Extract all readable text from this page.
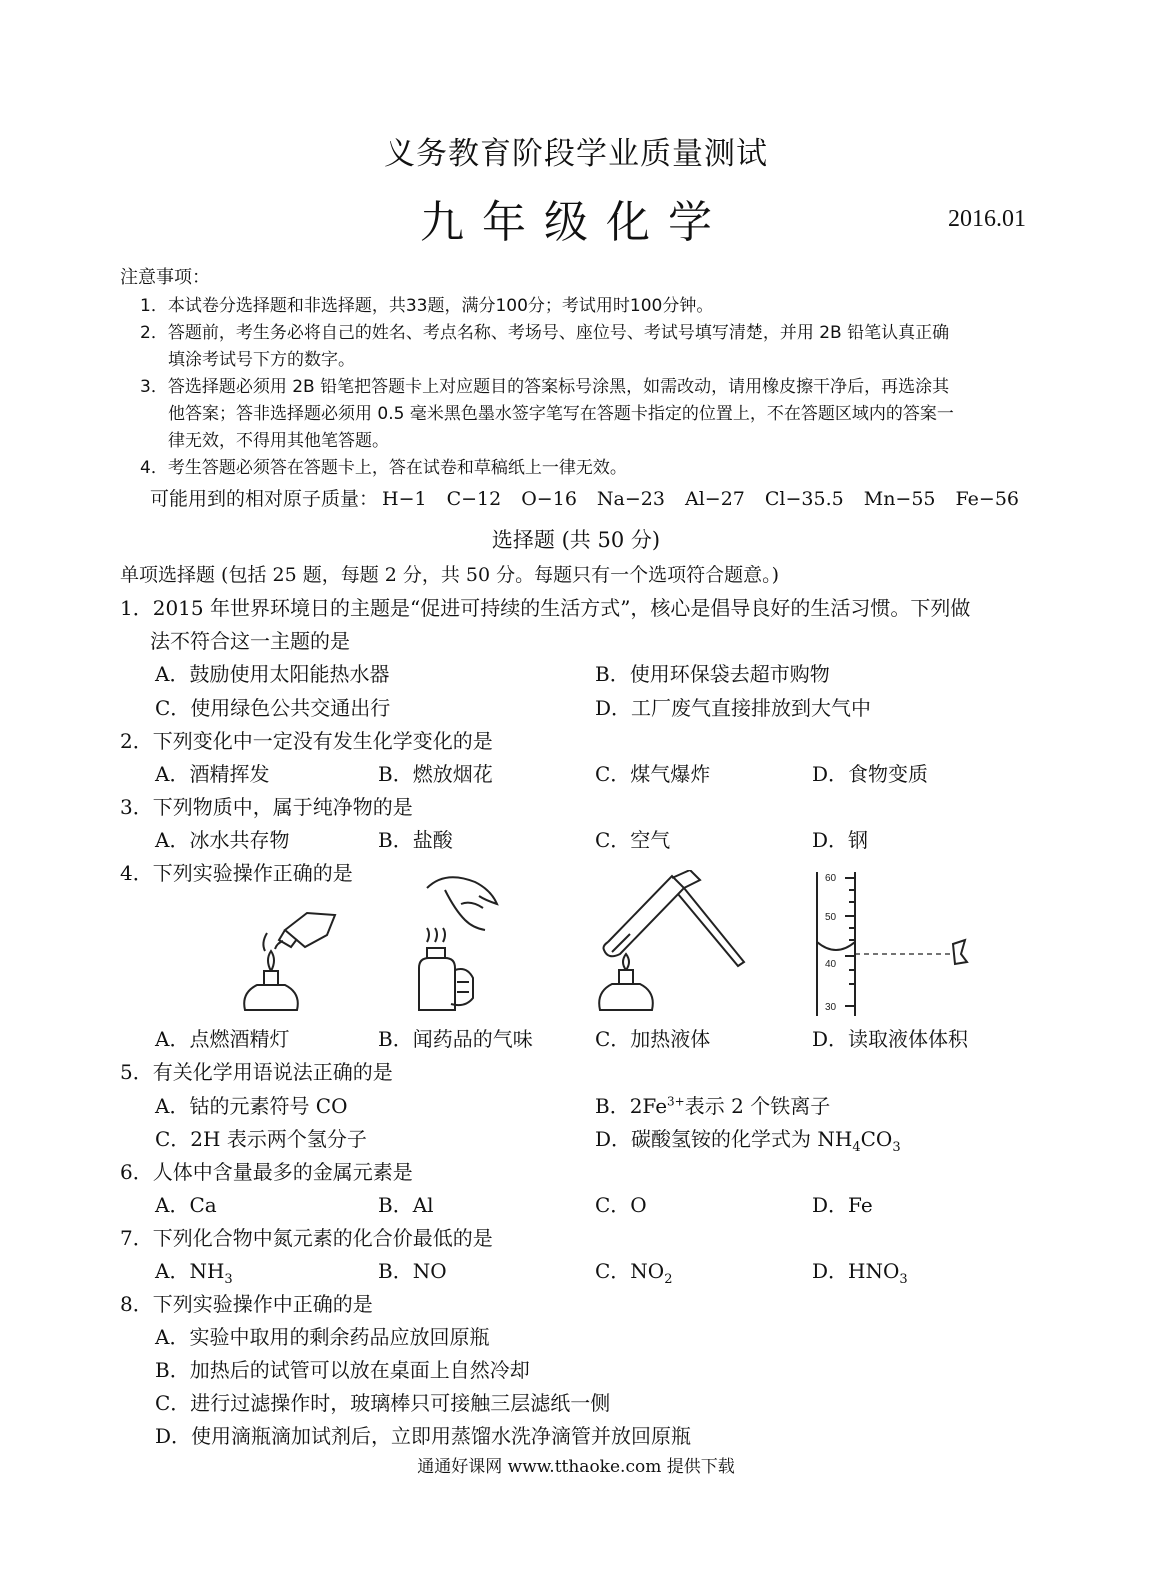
义务教育阶段学业质量测试
九年级化学	2016.01
注意事项：
1．本试卷分选择题和非选择题，共33题，满分100分；考试用时100分钟。
2．答题前，考生务必将自己的姓名、考点名称、考场号、座位号、考试号填写清楚，并用 2B 铅笔认真正确
填涂考试号下方的数字。
3．答选择题必须用 2B 铅笔把答题卡上对应题目的答案标号涂黑，如需改动，请用橡皮擦干净后，再选涂其
他答案；答非选择题必须用 0.5 毫米黑色墨水签字笔写在答题卡指定的位置上，不在答题区域内的答案一
律无效，不得用其他笔答题。
4．考生答题必须答在答题卡上，答在试卷和草稿纸上一律无效。
可能用到的相对原子质量： H−1 C−12 O−16 Na−23 Al−27 Cl−35.5 Mn−55 Fe−56
选择题 (共 50 分)
单项选择题 (包括 25 题，每题 2 分，共 50 分。每题只有一个选项符合题意。)
1．2015 年世界环境日的主题是“促进可持续的生活方式”，核心是倡导良好的生活习惯。下列做
法不符合这一主题的是
A．鼓励使用太阳能热水器	B．使用环保袋去超市购物
C．使用绿色公共交通出行	D．工厂废气直接排放到大气中
2．下列变化中一定没有发生化学变化的是
A．酒精挥发	B．燃放烟花	C．煤气爆炸	D．食物变质
3．下列物质中，属于纯净物的是
A．冰水共存物	B．盐酸	C．空气	D．钢
4．下列实验操作正确的是	60
50
40
30
A．点燃酒精灯	B．闻药品的气味	C．加热液体	D．读取液体体积
5．有关化学用语说法正确的是
A．钴的元素符号 CO	B．$2Fe^{3+}$表示 2 个铁离子
C．2H 表示两个氢分子	D．碳酸氢铵的化学式为 $NH_4CO_3$
6．人体中含量最多的金属元素是
A．Ca	B．Al	C．O	D．Fe
7．下列化合物中氮元素的化合价最低的是
A．$NH_3$	B．NO	C．$NO_2$	D．$HNO_3$
8．下列实验操作中正确的是
A．实验中取用的剩余药品应放回原瓶
B．加热后的试管可以放在桌面上自然冷却
C．进行过滤操作时，玻璃棒只可接触三层滤纸一侧
D．使用滴瓶滴加试剂后，立即用蒸馏水洗净滴管并放回原瓶
通通好课网 www.tthaoke.com 提供下载
